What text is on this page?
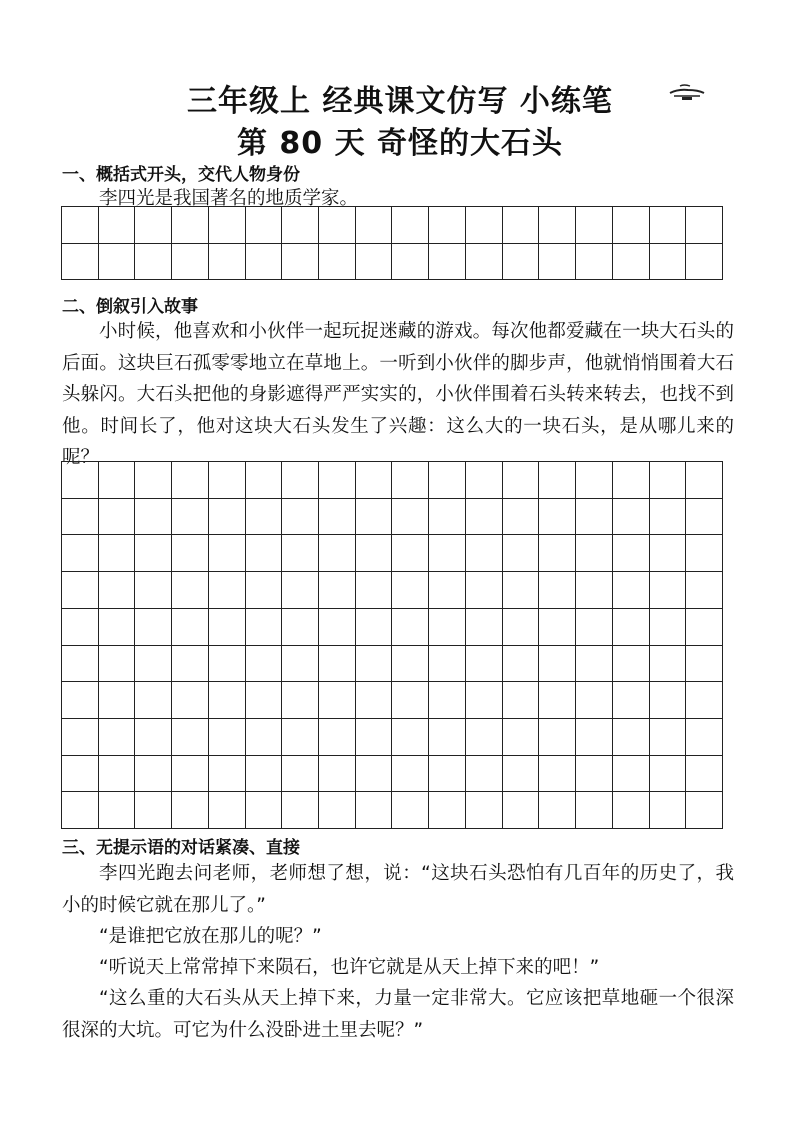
三年级上 经典课文仿写 小练笔
第 80 天 奇怪的大石头
一、概括式开头，交代人物身份
李四光是我国著名的地质学家。
二、倒叙引入故事
小时候，他喜欢和小伙伴一起玩捉迷藏的游戏。每次他都爱藏在一块大石头的后面。这块巨石孤零零地立在草地上。一听到小伙伴的脚步声，他就悄悄围着大石头躲闪。大石头把他的身影遮得严严实实的，小伙伴围着石头转来转去，也找不到他。时间长了，他对这块大石头发生了兴趣：这么大的一块石头，是从哪儿来的呢？
三、无提示语的对话紧凑、直接
李四光跑去问老师，老师想了想，说：“这块石头恐怕有几百年的历史了，我小的时候它就在那儿了。”
“是谁把它放在那儿的呢？”
“听说天上常常掉下来陨石，也许它就是从天上掉下来的吧！”
“这么重的大石头从天上掉下来，力量一定非常大。它应该把草地砸一个很深很深的大坑。可它为什么没卧进土里去呢？”
